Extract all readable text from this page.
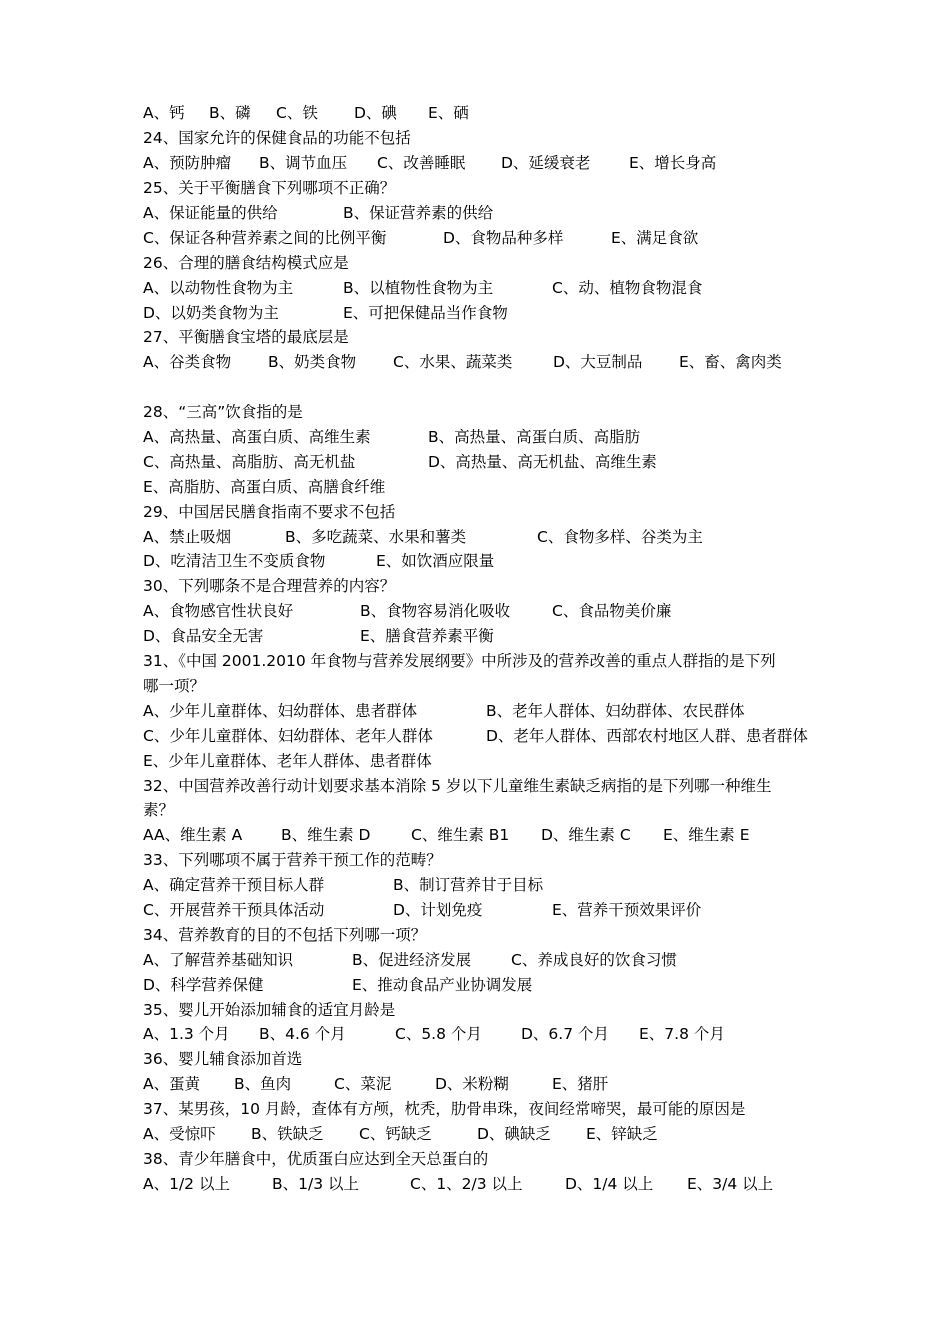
A、钙 B、磷 C、铁 D、碘 E、硒
24、国家允许的保健食品的功能不包括
A、预防肿瘤 B、调节血压 C、改善睡眠 D、延缓衰老 E、增长身高
25、关于平衡膳食下列哪项不正确？
A、保证能量的供给	B、保证营养素的供给
C、保证各种营养素之间的比例平衡	D、食物品种多样	E、满足食欲
26、合理的膳食结构模式应是
A、以动物性食物为主	B、以植物性食物为主	C、动、植物食物混食
D、以奶类食物为主	E、可把保健品当作食物
27、平衡膳食宝塔的最底层是
A、谷类食物 B、奶类食物 C、水果、蔬菜类	D、大豆制品 E、畜、禽肉类
28、“三高”饮食指的是
A、高热量、高蛋白质、高维生素	B、高热量、高蛋白质、高脂肪
C、高热量、高脂肪、高无机盐	D、高热量、高无机盐、高维生素
E、高脂肪、高蛋白质、高膳食纤维
29、中国居民膳食指南不要求不包括
A、禁止吸烟	B、多吃蔬菜、水果和薯类	C、食物多样、谷类为主
D、吃清洁卫生不变质食物	E、如饮酒应限量
30、下列哪条不是合理营养的内容？
A、食物感官性状良好	B、食物容易消化吸收	C、食品物美价廉
D、食品安全无害	E、膳食营养素平衡
31、《中国 2001.2010 年食物与营养发展纲要》中所涉及的营养改善的重点人群指的是下列
哪一项？
A、少年儿童群体、妇幼群体、患者群体	B、老年人群体、妇幼群体、农民群体
C、少年儿童群体、妇幼群体、老年人群体	D、老年人群体、西部农村地区人群、患者群体
E、少年儿童群体、老年人群体、患者群体
32、中国营养改善行动计划要求基本消除 5 岁以下儿童维生素缺乏病指的是下列哪一种维生
素？
AA、维生素 A	B、维生素 D	C、维生素 B1 D、维生素 C E、维生素 E
33、下列哪项不属于营养干预工作的范畴？
A、确定营养干预目标人群	B、制订营养甘于目标
C、开展营养干预具体活动	D、计划免疫	E、营养干预效果评价
34、营养教育的目的不包括下列哪一项？
A、了解营养基础知识	B、促进经济发展	C、养成良好的饮食习惯
D、科学营养保健	E、推动食品产业协调发展
35、婴儿开始添加辅食的适宜月龄是
A、1.3 个月 B、4.6 个月	C、5.8 个月	D、6.7 个月 E、7.8 个月
36、婴儿辅食添加首选
A、蛋黄 B、鱼肉	C、菜泥	D、米粉糊	E、猪肝
37、某男孩，10 月龄，查体有方颅，枕秃，肋骨串珠，夜间经常啼哭，最可能的原因是
A、受惊吓 B、铁缺乏 C、钙缺乏	D、碘缺乏 E、锌缺乏
38、青少年膳食中，优质蛋白应达到全天总蛋白的
A、1/2 以上	B、1/3 以上	C、1、2/3 以上	D、1/4 以上 E、3/4 以上
